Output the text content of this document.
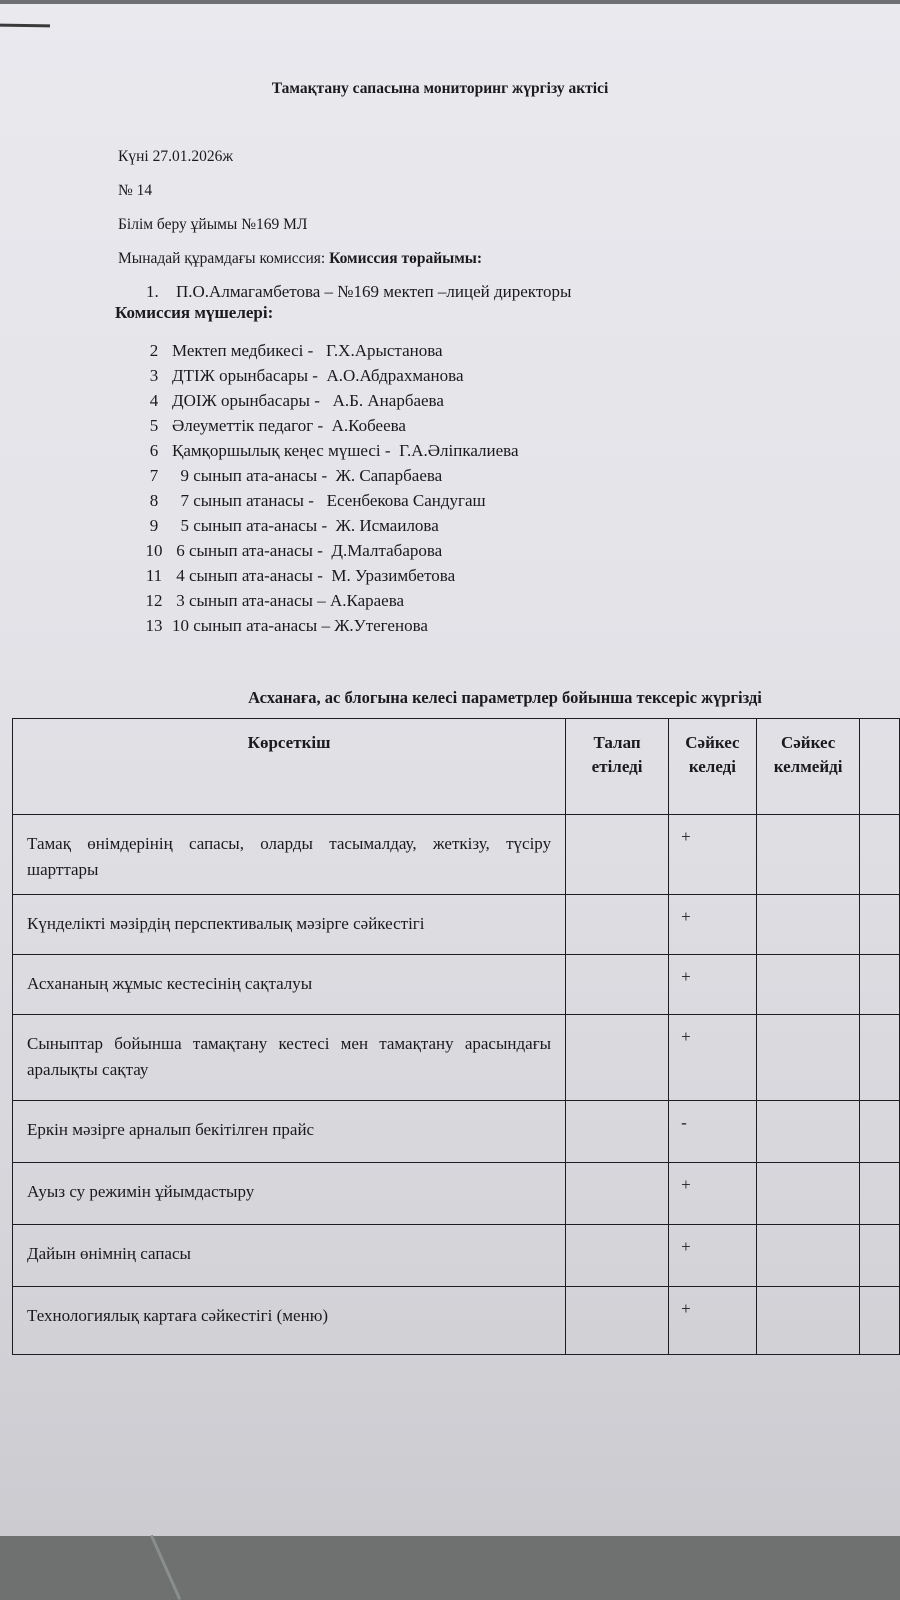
Тамақтану сапасына мониторинг жүргізу актісі
Күні 27.01.2026ж
№ 14
Білім беру ұйымы №169 МЛ
Мынадай құрамдағы комиссия: Комиссия төрайымы:
1. П.О.Алмагамбетова – №169 мектеп –лицей директоры
Комиссия мүшелері:
2 Мектеп медбикесі -   Г.Х.Арыстанова
3 ДТІЖ орынбасары -  А.О.Абдрахманова
4 ДОІЖ орынбасары -   А.Б. Анарбаева
5 Әлеуметтік педагог -  А.Кобеева
6 Қамқоршылық кеңес мүшесі -  Г.А.Әліпкалиева
7 9 сынып ата-анасы -  Ж. Сапарбаева
8 7 сынып атанасы -   Есенбекова Сандугаш
9 5 сынып ата-анасы -  Ж. Исмаилова
10 6 сынып ата-анасы -  Д.Малтабарова
11 4 сынып ата-анасы -  М. Уразимбетова
12 3 сынып ата-анасы – А.Караева
13 10 сынып ата-анасы – Ж.Утегенова
Асханаға, ас блогына келесі параметрлер бойынша тексеріс жүргізді
Көрсеткіш	Талап етіледі	Сәйкес келеді	Сәйкес келмейді	
Тамақ өнімдерінің сапасы, оларды тасымалдау, жеткізу, түсіру шарттары		+		
Күнделікті мәзірдің перспективалық мәзірге сәйкестігі		+		
Асхананың жұмыс кестесінің сақталуы		+		
Сыныптар бойынша тамақтану кестесі мен тамақтану арасындағы аралықты сақтау		+		
Еркін мәзірге арналып бекітілген прайс		-		
Ауыз су режимін ұйымдастыру		+		
Дайын өнімнің сапасы		+		
Технологиялық картаға сәйкестігі (меню)		+		
